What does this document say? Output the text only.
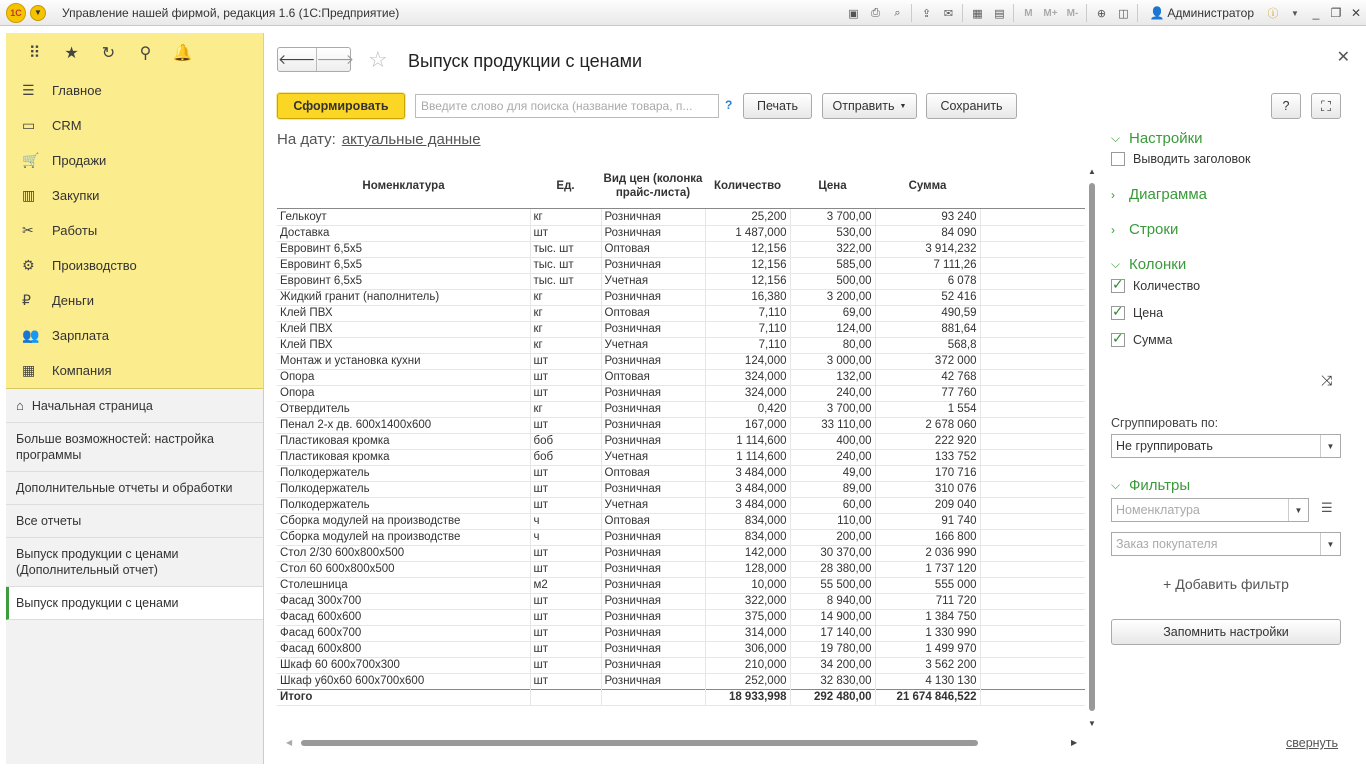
1С	▼	Управление нашей фирмой, редакция 1.6 (1С:Предприятие)	▣	⎙	⌕	⇪	✉	▦	▤	M	M+ M-	⊕	◫	👤 Администратор	ⓘ	▼	_ ❐ ✕
⠿	★	↻	⚲	🔔
☰	Главное
▭	CRM
🛒 Продажи
▥	Закупки
✂	Работы
⚙	Производство
₽	Деньги
👥 Зарплата
▦	Компания
⌂ Начальная страница
Больше возможностей: настройка программы
Дополнительные отчеты и обработки
Все отчеты
Выпуск продукции с ценами (Дополнительный отчет)
Выпуск продукции с ценами
🡐 🡒 ☆ Выпуск продукции с ценами	✕
Сформировать	Введите слово для поиска (название товара, п...	?	Печать	Отправить ▼	Сохранить	?	⛶
На дату: актуальные данные
Номенклатура	Ед.	Вид цен (колонка прайс-листа)	Количество	Цена	Сумма	
Гелькоут	кг	Розничная	25,200	3 700,00	93 240	
Доставка	шт	Розничная	1 487,000	530,00	84 090	
Евровинт 6,5х5	тыс. шт	Оптовая	12,156	322,00	3 914,232	
Евровинт 6,5х5	тыс. шт	Розничная	12,156	585,00	7 111,26	
Евровинт 6,5х5	тыс. шт	Учетная	12,156	500,00	6 078	
Жидкий гранит (наполнитель)	кг	Розничная	16,380	3 200,00	52 416	
Клей ПВХ	кг	Оптовая	7,110	69,00	490,59	
Клей ПВХ	кг	Розничная	7,110	124,00	881,64	
Клей ПВХ	кг	Учетная	7,110	80,00	568,8	
Монтаж и установка кухни	шт	Розничная	124,000	3 000,00	372 000	
Опора	шт	Оптовая	324,000	132,00	42 768	
Опора	шт	Розничная	324,000	240,00	77 760	
Отвердитель	кг	Розничная	0,420	3 700,00	1 554	
Пенал 2-х дв. 600х1400х600	шт	Розничная	167,000	33 110,00	2 678 060	
Пластиковая кромка	боб	Розничная	1 114,600	400,00	222 920	
Пластиковая кромка	боб	Учетная	1 114,600	240,00	133 752	
Полкодержатель	шт	Оптовая	3 484,000	49,00	170 716	
Полкодержатель	шт	Розничная	3 484,000	89,00	310 076	
Полкодержатель	шт	Учетная	3 484,000	60,00	209 040	
Сборка модулей на производстве	ч	Оптовая	834,000	110,00	91 740	
Сборка модулей на производстве	ч	Розничная	834,000	200,00	166 800	
Стол 2/30 600х800х500	шт	Розничная	142,000	30 370,00	2 036 990	
Стол 60 600х800х500	шт	Розничная	128,000	28 380,00	1 737 120	
Столешница	м2	Розничная	10,000	55 500,00	555 000	
Фасад 300х700	шт	Розничная	322,000	8 940,00	711 720	
Фасад 600х600	шт	Розничная	375,000	14 900,00	1 384 750	
Фасад 600х700	шт	Розничная	314,000	17 140,00	1 330 990	
Фасад 600х800	шт	Розничная	306,000	19 780,00	1 499 970	
Шкаф 60 600х700х300	шт	Розничная	210,000	34 200,00	3 562 200	
Шкаф у60х60 600х700х600	шт	Розничная	252,000	32 830,00	4 130 130	
Итого			18 933,998	292 480,00	21 674 846,522	
▲
▼
◀	▶	свернуть
⌵ Настройки
Выводить заголовок
› Диаграмма
› Строки
⌵ Колонки
✓
Количество
✓
Цена
✓
Сумма
⤨
Сгруппировать по:
Не группировать	▼
⌵ Фильтры
Номенклатура	▼	☰
Заказ покупателя	▼
+ Добавить фильтр
Запомнить настройки
